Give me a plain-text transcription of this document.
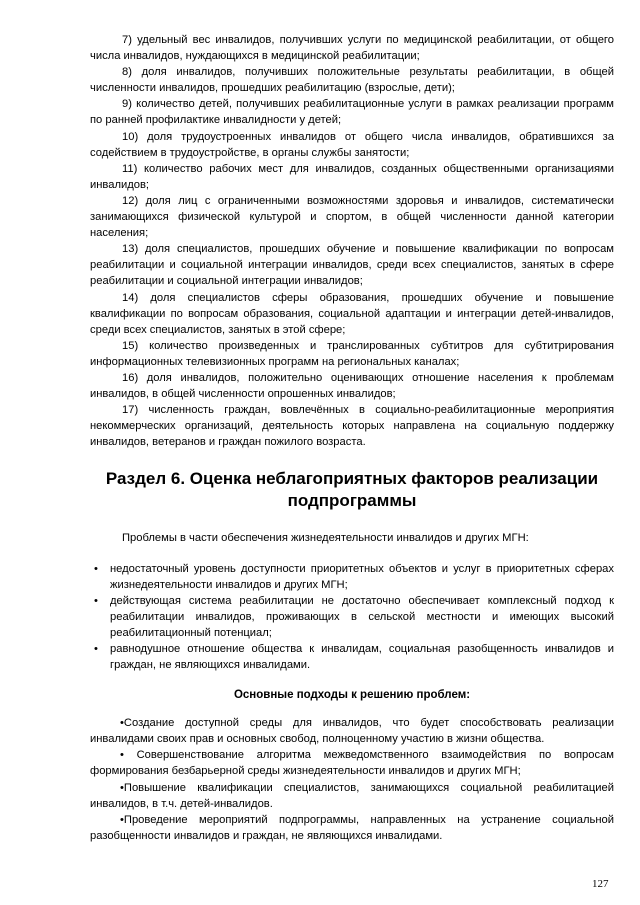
7) удельный вес инвалидов, получивших услуги по медицинской реабилитации, от общего числа инвалидов, нуждающихся в медицинской реабилитации;

8) доля инвалидов, получивших положительные результаты реабилитации, в общей численности инвалидов, прошедших реабилитацию (взрослые, дети);

9) количество детей, получивших реабилитационные услуги в рамках реализации программ по ранней профилактике инвалидности у детей;

10) доля трудоустроенных инвалидов от общего числа инвалидов, обратившихся за содействием в трудоустройстве, в органы службы занятости;

11) количество рабочих мест для инвалидов, созданных общественными организациями инвалидов;

12) доля лиц с ограниченными возможностями здоровья и инвалидов, систематически занимающихся физической культурой и спортом, в общей численности данной категории населения;

13) доля специалистов, прошедших обучение и повышение квалификации по вопросам реабилитации и социальной интеграции инвалидов, среди всех специалистов, занятых в сфере реабилитации и социальной интеграции инвалидов;

14) доля специалистов сферы образования, прошедших обучение и повышение квалификации по вопросам образования, социальной адаптации и интеграции детей-инвалидов, среди всех специалистов, занятых в этой сфере;

15) количество произведенных и транслированных субтитров для субтитрирования информационных телевизионных программ на региональных каналах;

16) доля инвалидов, положительно оценивающих отношение населения к проблемам инвалидов, в общей численности опрошенных инвалидов;

17) численность граждан, вовлечённых в социально-реабилитационные мероприятия некоммерческих организаций, деятельность которых направлена на социальную поддержку инвалидов, ветеранов и граждан пожилого возраста.

Раздел 6. Оценка неблагоприятных факторов реализации подпрограммы

Проблемы в части обеспечения жизнедеятельности инвалидов и других МГН:

• недостаточный уровень доступности приоритетных объектов и услуг в приоритетных сферах жизнедеятельности инвалидов и других МГН;
• действующая система реабилитации не достаточно обеспечивает комплексный подход к реабилитации инвалидов, проживающих в сельской местности и имеющих высокий реабилитационный потенциал;
• равнодушное отношение общества к инвалидам, социальная разобщенность инвалидов и граждан, не являющихся инвалидами.
Основные подходы к решению проблем:

•Создание доступной среды для инвалидов, что будет способствовать реализации инвалидами своих прав и основных свобод, полноценному участию в жизни общества.

• Совершенствование алгоритма межведомственного взаимодействия по вопросам формирования безбарьерной среды жизнедеятельности инвалидов и других МГН;

•Повышение квалификации специалистов, занимающихся социальной реабилитацией инвалидов, в т.ч. детей-инвалидов.

•Проведение мероприятий подпрограммы, направленных на устранение социальной разобщенности инвалидов и граждан, не являющихся инвалидами.

127
